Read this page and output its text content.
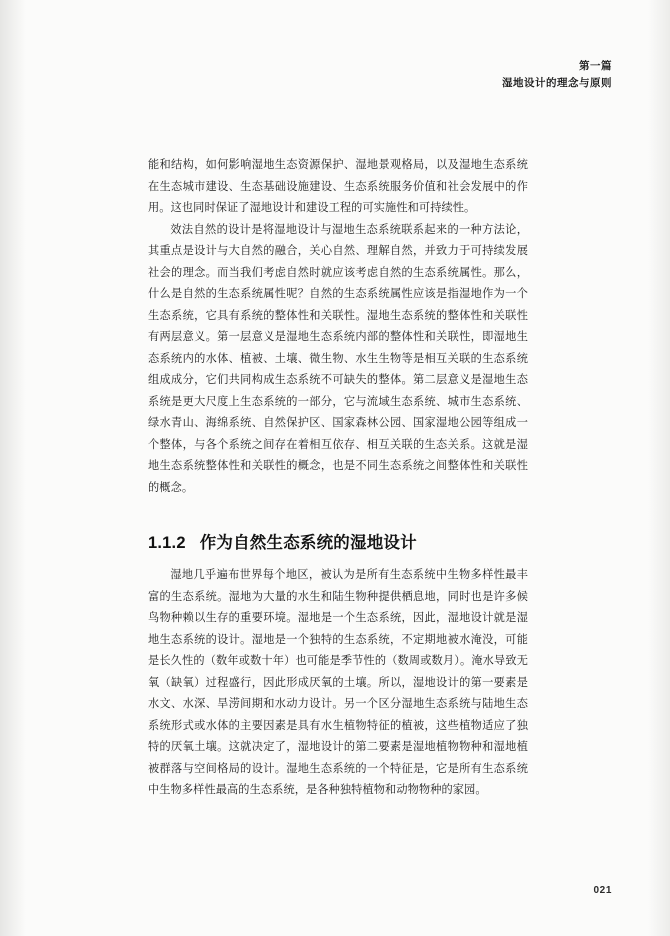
第一篇
湿地设计的理念与原则

能和结构，如何影响湿地生态资源保护、湿地景观格局，以及湿地生态系统在生态城市建设、生态基础设施建设、生态系统服务价值和社会发展中的作用。这也同时保证了湿地设计和建设工程的可实施性和可持续性。

效法自然的设计是将湿地设计与湿地生态系统联系起来的一种方法论，其重点是设计与大自然的融合，关心自然、理解自然，并致力于可持续发展社会的理念。而当我们考虑自然时就应该考虑自然的生态系统属性。那么，什么是自然的生态系统属性呢？自然的生态系统属性应该是指湿地作为一个生态系统，它具有系统的整体性和关联性。湿地生态系统的整体性和关联性有两层意义。第一层意义是湿地生态系统内部的整体性和关联性，即湿地生态系统内的水体、植被、土壤、微生物、水生生物等是相互关联的生态系统组成成分，它们共同构成生态系统不可缺失的整体。第二层意义是湿地生态系统是更大尺度上生态系统的一部分，它与流域生态系统、城市生态系统、绿水青山、海绵系统、自然保护区、国家森林公园、国家湿地公园等组成一个整体，与各个系统之间存在着相互依存、相互关联的生态关系。这就是湿地生态系统整体性和关联性的概念，也是不同生态系统之间整体性和关联性的概念。

1.1.2 作为自然生态系统的湿地设计

湿地几乎遍布世界每个地区，被认为是所有生态系统中生物多样性最丰富的生态系统。湿地为大量的水生和陆生物种提供栖息地，同时也是许多候鸟物种赖以生存的重要环境。湿地是一个生态系统，因此，湿地设计就是湿地生态系统的设计。湿地是一个独特的生态系统，不定期地被水淹没，可能是长久性的（数年或数十年）也可能是季节性的（数周或数月）。淹水导致无氧（缺氧）过程盛行，因此形成厌氧的土壤。所以，湿地设计的第一要素是水文、水深、旱涝间期和水动力设计。另一个区分湿地生态系统与陆地生态系统形式或水体的主要因素是具有水生植物特征的植被，这些植物适应了独特的厌氧土壤。这就决定了，湿地设计的第二要素是湿地植物物种和湿地植被群落与空间格局的设计。湿地生态系统的一个特征是，它是所有生态系统中生物多样性最高的生态系统，是各种独特植物和动物物种的家园。

021
